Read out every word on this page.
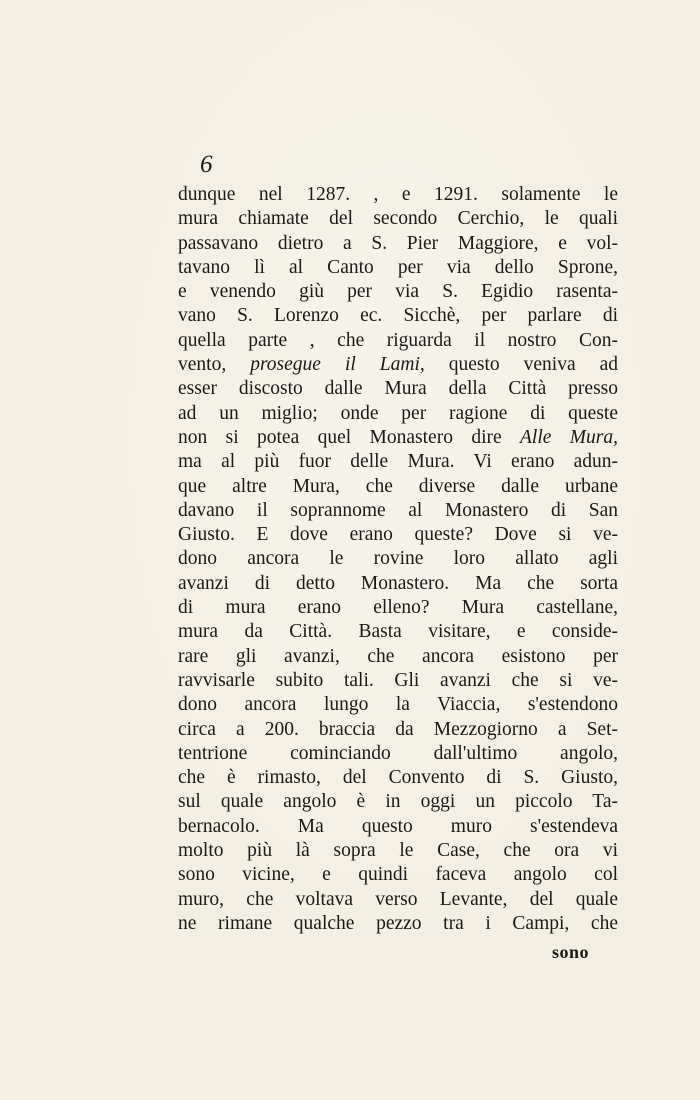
6
dunque nel 1287. , e 1291. solamente le
mura chiamate del secondo Cerchio, le quali
passavano dietro a S. Pier Maggiore, e vol-
tavano lì al Canto per via dello Sprone,
e venendo giù per via S. Egidio rasenta-
vano S. Lorenzo ec. Sicchè, per parlare di
quella parte , che riguarda il nostro Con-
vento, prosegue il Lami, questo veniva ad
esser discosto dalle Mura della Città presso
ad un miglio; onde per ragione di queste
non si potea quel Monastero dire Alle Mura,
ma al più fuor delle Mura. Vi erano adun-
que altre Mura, che diverse dalle urbane
davano il soprannome al Monastero di San
Giusto. E dove erano queste? Dove si ve-
dono ancora le rovine loro allato agli
avanzi di detto Monastero. Ma che sorta
di mura erano elleno? Mura castellane,
mura da Città. Basta visitare, e conside-
rare gli avanzi, che ancora esistono per
ravvisarle subito tali. Gli avanzi che si ve-
dono ancora lungo la Viaccia, s'estendono
circa a 200. braccia da Mezzogiorno a Set-
tentrione cominciando dall'ultimo angolo,
che è rimasto, del Convento di S. Giusto,
sul quale angolo è in oggi un piccolo Ta-
bernacolo. Ma questo muro s'estendeva
molto più là sopra le Case, che ora vi
sono vicine, e quindi faceva angolo col
muro, che voltava verso Levante, del quale
ne rimane qualche pezzo tra i Campi, che
sono
